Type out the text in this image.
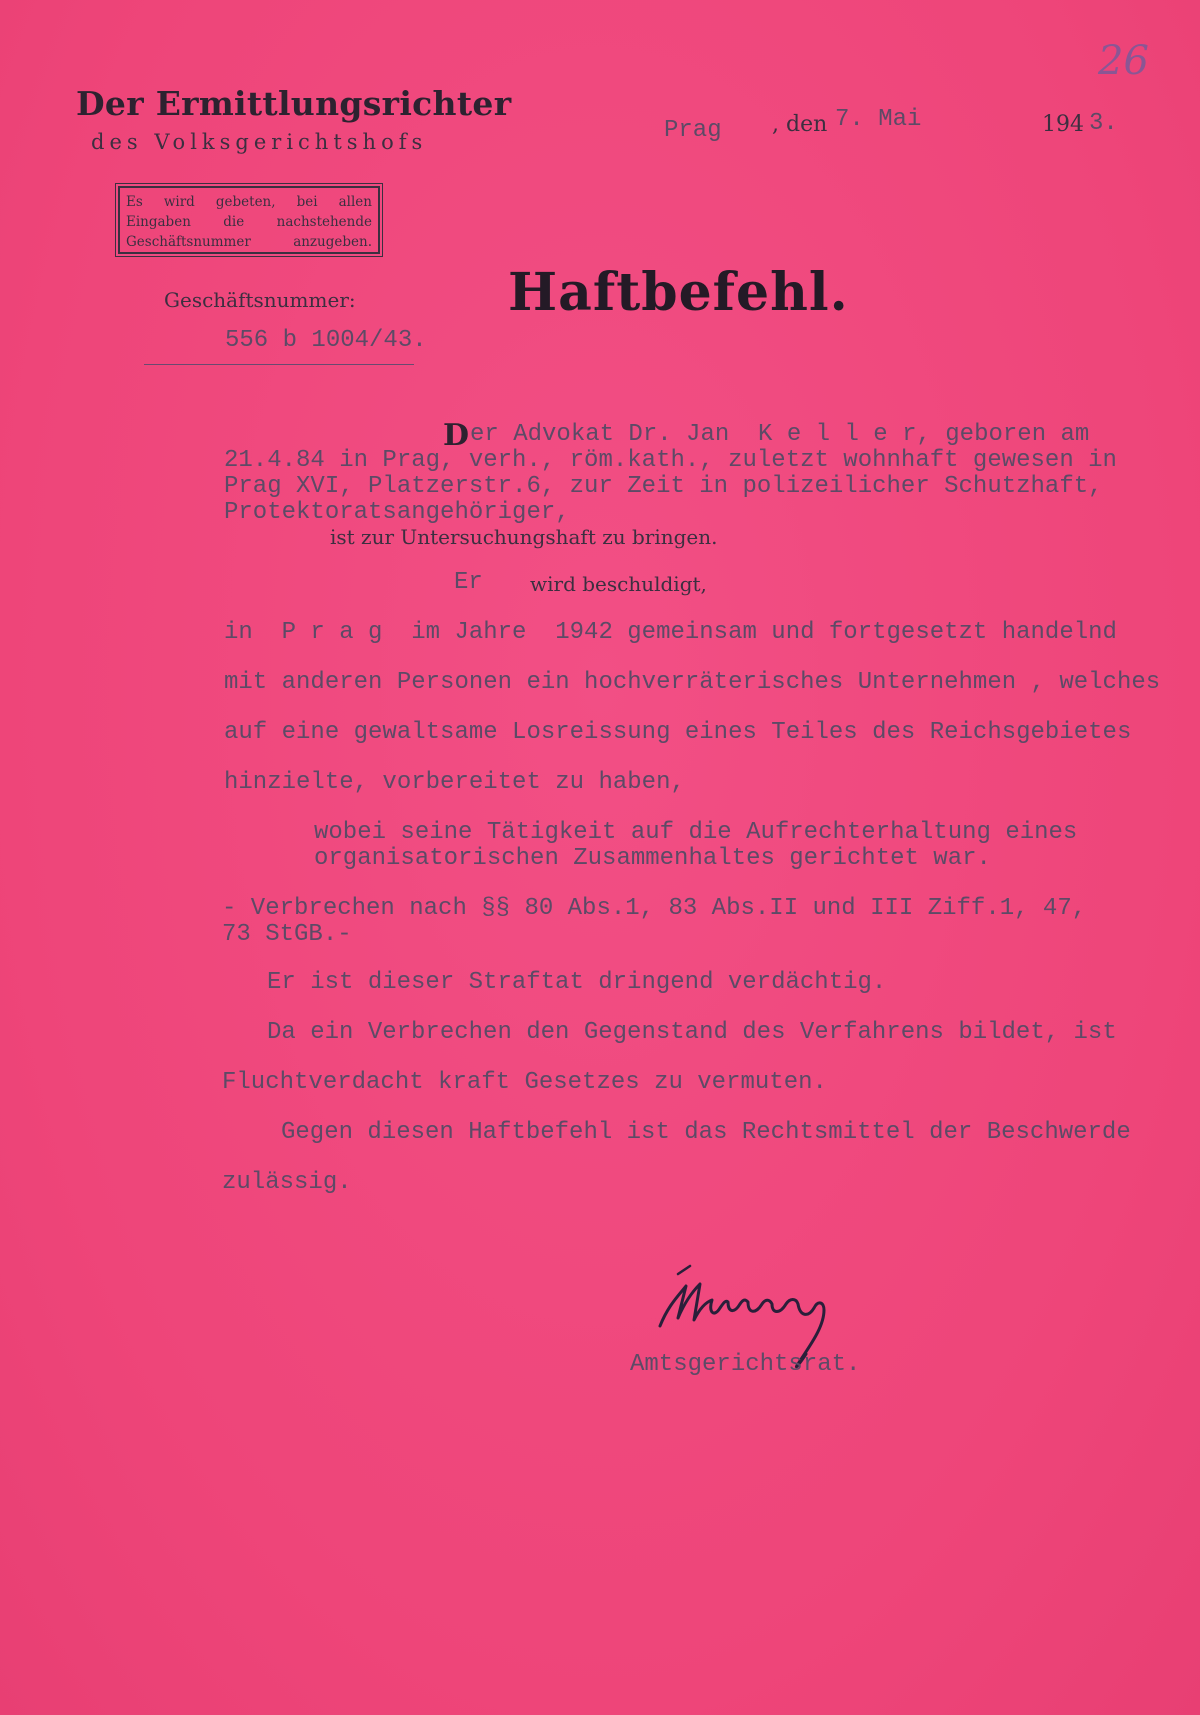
Der Ermittlungsrichter
des Volksgerichtshofs
26
Prag , den 7. Mai	194 3.
Es wird gebeten, bei allen
Eingaben die nachstehende
Geschäftsnummer anzugeben.
Geschäftsnummer:
556 b 1004/43.
Haftbefehl.
D er Advokat Dr. Jan  K e l l e r, geboren am
21.4.84 in Prag, verh., röm.kath., zuletzt wohnhaft gewesen in
Prag XVI, Platzerstr.6, zur Zeit in polizeilicher Schutzhaft,
Protektoratsangehöriger,
ist zur Untersuchungshaft zu bringen.
Er wird beschuldigt,
in  P r a g  im Jahre  1942 gemeinsam und fortgesetzt handelnd
mit anderen Personen ein hochverräterisches Unternehmen , welches
auf eine gewaltsame Losreissung eines Teiles des Reichsgebietes
hinzielte, vorbereitet zu haben,
wobei seine Tätigkeit auf die Aufrechterhaltung eines
organisatorischen Zusammenhaltes gerichtet war.
- Verbrechen nach §§ 80 Abs.1, 83 Abs.II und III Ziff.1, 47,
73 StGB.-
Er ist dieser Straftat dringend verdächtig.
Da ein Verbrechen den Gegenstand des Verfahrens bildet, ist
Fluchtverdacht kraft Gesetzes zu vermuten.
Gegen diesen Haftbefehl ist das Rechtsmittel der Beschwerde
zulässig.
Amtsgerichtsrat.
